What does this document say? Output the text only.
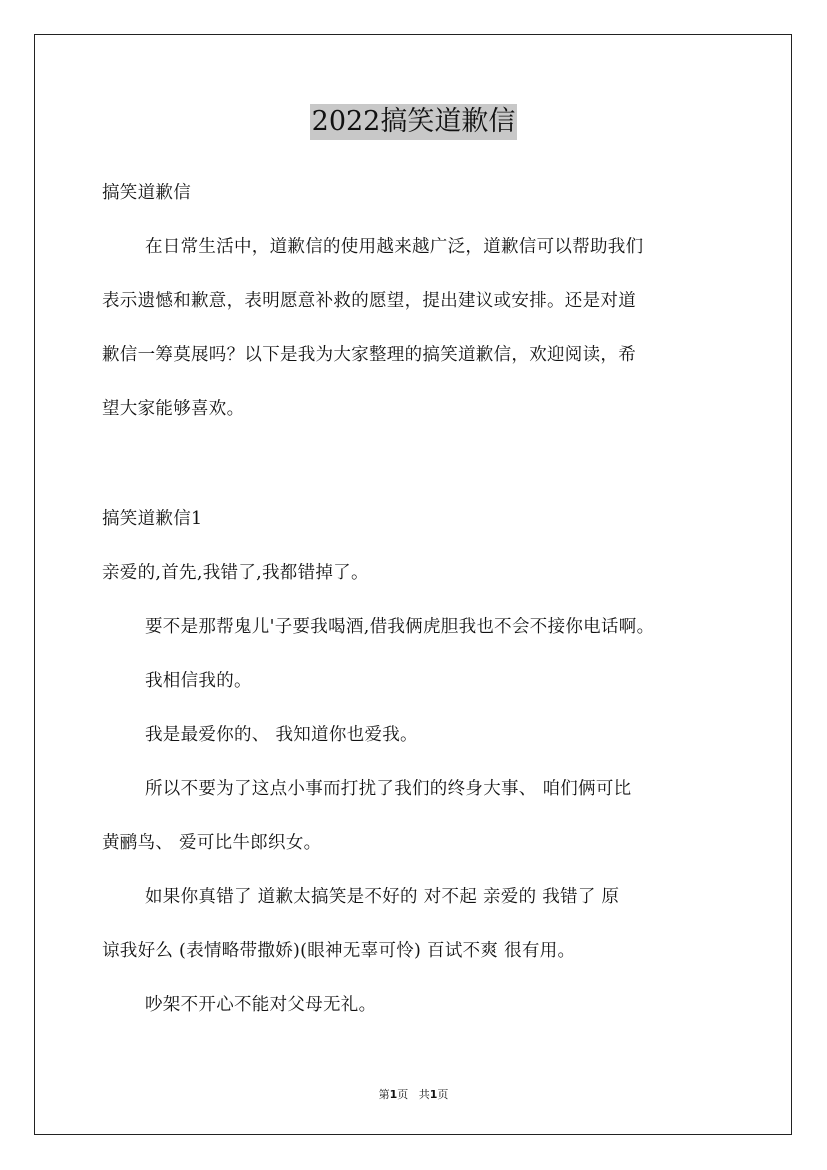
2022搞笑道歉信
搞笑道歉信
在日常生活中，道歉信的使用越来越广泛，道歉信可以帮助我们
表示遗憾和歉意，表明愿意补救的愿望，提出建议或安排。还是对道
歉信一筹莫展吗？以下是我为大家整理的搞笑道歉信，欢迎阅读，希
望大家能够喜欢。
搞笑道歉信1
亲爱的,首先,我错了,我都错掉了。
要不是那帮鬼儿'子要我喝酒,借我俩虎胆我也不会不接你电话啊。
我相信我的。
我是最爱你的、 我知道你也爱我。
所以不要为了这点小事而打扰了我们的终身大事、 咱们俩可比
黄鹂鸟、 爱可比牛郎织女。
如果你真错了 道歉太搞笑是不好的 对不起 亲爱的 我错了 原
谅我好么 (表情略带撒娇)(眼神无辜可怜) 百试不爽 很有用。
吵架不开心不能对父母无礼。
第1页 共1页
